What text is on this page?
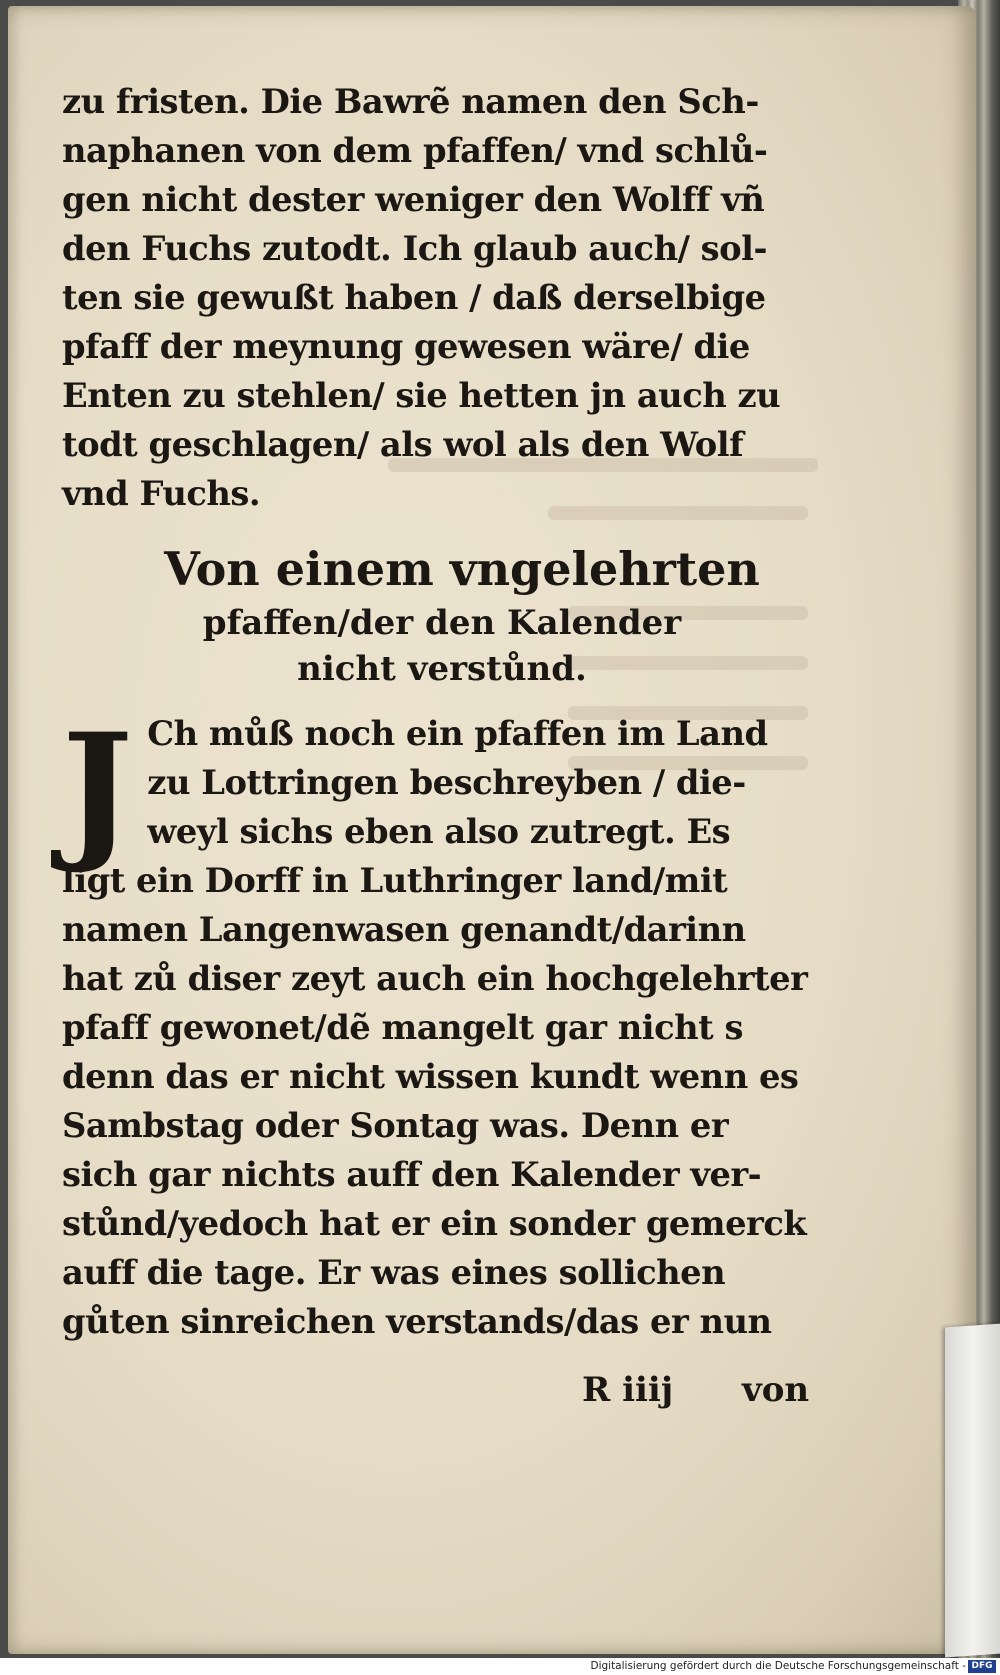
zu fristen. Die Bawrẽ namen den Sch-
naphanen von dem pfaffen/ vnd schlů-
gen nicht dester weniger den Wolff vñ
den Fuchs zutodt. Ich glaub auch/ sol-
ten sie gewußt haben / daß derselbige
pfaff der meynung gewesen wäre/ die
Enten zu stehlen/ sie hetten jn auch zu
todt geschlagen/ als wol als den Wolf
vnd Fuchs.
Von einem vngelehrten
pfaffen/der den Kalender
nicht verstůnd.
J Ch můß noch ein pfaffen im Land
zu Lottringen beschreyben / die-
weyl sichs eben also zutregt. Es
ligt ein Dorff in Luthringer land/mit
namen Langenwasen genandt/darinn
hat zů diser zeyt auch ein hochgelehrter
pfaff gewonet/dẽ mangelt gar nicht s
denn das er nicht wissen kundt wenn es
Sambstag oder Sontag was. Denn er
sich gar nichts auff den Kalender ver-
stůnd/yedoch hat er ein sonder gemerck
auff die tage. Er was eines sollichen
gůten sinreichen verstands/das er nun
R iiij von
Digitalisierung gefördert durch die Deutsche Forschungsgemeinschaft - DFG
